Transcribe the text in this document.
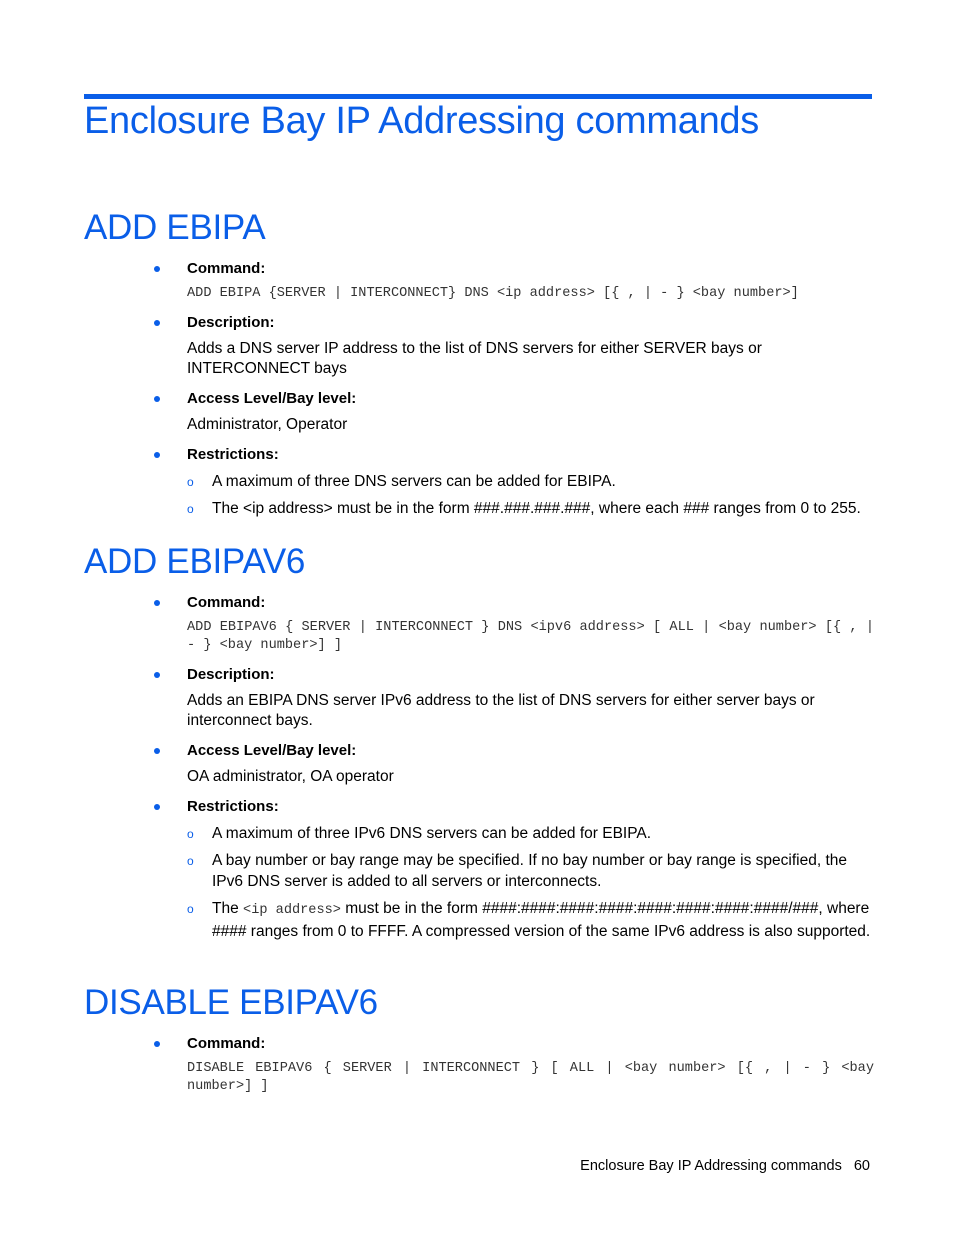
Enclosure Bay IP Addressing commands
ADD EBIPA
Command:
ADD EBIPA {SERVER | INTERCONNECT} DNS <ip address> [{ , | - } <bay number>]
Description:
Adds a DNS server IP address to the list of DNS servers for either SERVER bays or INTERCONNECT bays
Access Level/Bay level:
Administrator, Operator
Restrictions:
o A maximum of three DNS servers can be added for EBIPA.
o The <ip address> must be in the form ###.###.###.###, where each ### ranges from 0 to 255.
ADD EBIPAV6
Command:
ADD EBIPAV6 { SERVER | INTERCONNECT } DNS <ipv6 address> [ ALL | <bay number> [{ , | - } <bay number>] ]
Description:
Adds an EBIPA DNS server IPv6 address to the list of DNS servers for either server bays or interconnect bays.
Access Level/Bay level:
OA administrator, OA operator
Restrictions:
o A maximum of three IPv6 DNS servers can be added for EBIPA.
o A bay number or bay range may be specified. If no bay number or bay range is specified, the IPv6 DNS server is added to all servers or interconnects.
o The <ip address> must be in the form ####:####:####:####:####:####:####:####/###, where #### ranges from 0 to FFFF. A compressed version of the same IPv6 address is also supported.
DISABLE EBIPAV6
Command:
DISABLE EBIPAV6 { SERVER | INTERCONNECT } [ ALL | <bay number> [{ , | - } <bay number>] ]
Enclosure Bay IP Addressing commands 60
